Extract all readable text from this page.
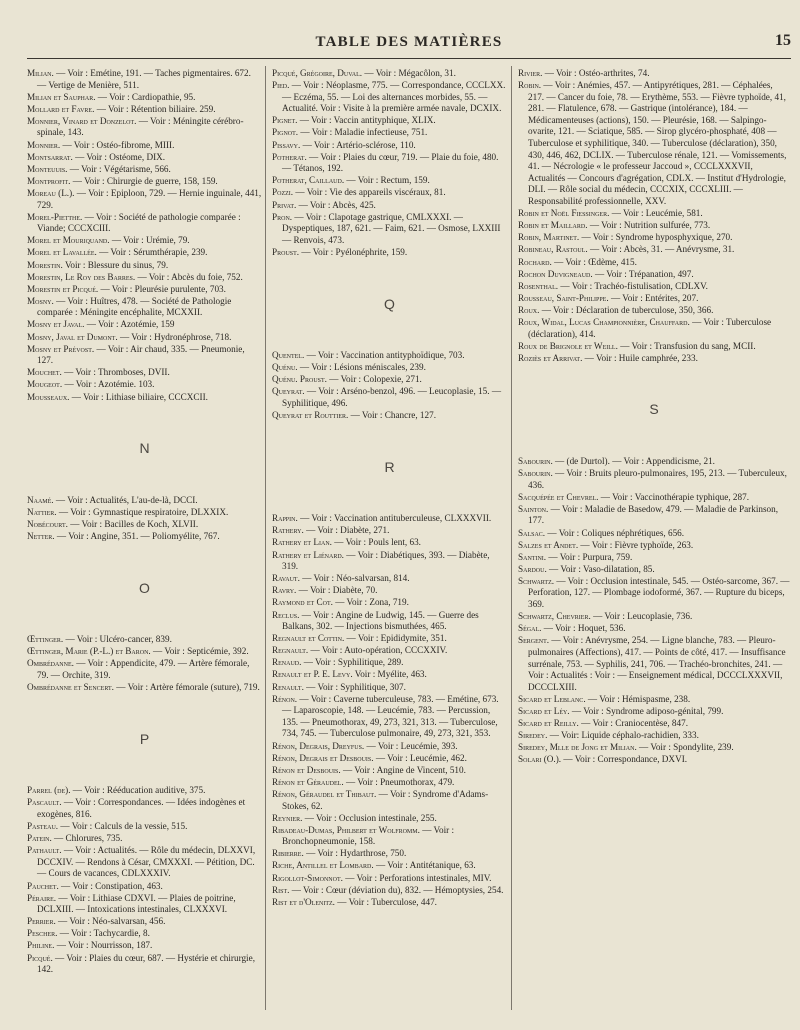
TABLE DES MATIÈRES	15
Milian. — Voir : Emétine, 191. — Taches pigmentaires. 672. — Vertige de Menière, 511.
Milian et Sauphar. — Voir : Cardiopathie, 95.
Mollard et Favre. — Voir : Rétention biliaire. 259.
Monnier, Vinard et Donzelot. — Voir : Méningite cérébro-spinale, 143.
Monnier. — Voir : Ostéo-fibrome, MIII.
Montsarrat. — Voir : Ostéome, DIX.
Monteuuis. — Voir : Végétarisme, 566.
Montprofit. — Voir : Chirurgie de guerre, 158, 159.
Moreau (L.). — Voir : Epiploon, 729. — Hernie inguinale, 441, 729.
Morel-Pietthe. — Voir : Société de pathologie comparée : Viande; CCCXCIII.
Morel et Mouriquand. — Voir : Urémie, 79.
Morel et Lavallée. — Voir : Sérumthérapie, 239.
Morestin. Voir : Blessure du sinus, 79.
Morestin, Le Roy des Barres. — Voir : Abcès du foie, 752.
Morestin et Picqué. — Voir : Pleurésie purulente, 703.
Mosny. — Voir : Huîtres, 478. — Société de Pathologie comparée : Méningite encéphalite, MCXXII.
Mosny et Javal. — Voir : Azotémie, 159
Mosny, Javal et Dumont. — Voir : Hydronéphrose, 718.
Mosny et Prévost. — Voir : Air chaud, 335. — Pneumonie, 127.
Mouchet. — Voir : Thromboses, DVII.
Mougeot. — Voir : Azotémie. 103.
Mousseaux. — Voir : Lithiase biliaire, CCCXCII.
N
Naamé. — Voir : Actualités, L'au-de-là, DCCI.
Nattier. — Voir : Gymnastique respiratoire, DLXXIX.
Nobécourt. — Voir : Bacilles de Koch, XLVII.
Netter. — Voir : Angine, 351. — Poliomyélite, 767.
O
Œttinger. — Voir : Ulcéro-cancer, 839.
Œttinger, Marie (P.-L.) et Baron. — Voir : Septicémie, 392.
Ombrédanne. — Voir : Appendicite, 479. — Artère fémorale, 79. — Orchite, 319.
Ombrédanne et Sencert. — Voir : Artère fémorale (suture), 719.
P
Parrel (de). — Voir : Rééducation auditive, 375.
Pascault. — Voir : Correspondances. — Idées indogènes et exogènes, 816.
Pasteau. — Voir : Calculs de la vessie, 515.
Patein. — Chlorures, 735.
Pathault. — Voir : Actualités. — Rôle du médecin, DLXXVI, DCCXIV. — Rendons à César, CMXXXI. — Pétition, DC. — Cours de vacances, CDLXXXIV.
Pauchet. — Voir : Constipation, 463.
Péraire. — Voir : Lithiase CDXVI. — Plaies de poitrine, DCLXIII. — Intoxications intestinales, CLXXXVI.
Perrier. — Voir : Néo-salvarsan, 456.
Pescher. — Voir : Tachycardie, 8.
Philine. — Voir : Nourrisson, 187.
Picqué. — Voir : Plaies du cœur, 687. — Hystérie et chirurgie, 142.
Picqué, Grégoire, Duval. — Voir : Mégacôlon, 31.
Pied. — Voir : Néoplasme, 775. — Correspondance, CCCLXX. — Eczéma, 55. — Loi des alternances morbides, 55. — Actualité. Voir : Visite à la première armée navale, DCXIX.
Pignet. — Voir : Vaccin antityphique, XLIX.
Pignot. — Voir : Maladie infectieuse, 751.
Pissavy. — Voir : Artério-sclérose, 110.
Potherat. — Voir : Plaies du cœur, 719. — Plaie du foie, 480. — Tétanos, 192.
Potherat, Caillaud. — Voir : Rectum, 159.
Pozzi. — Voir : Vie des appareils viscéraux, 81.
Privat. — Voir : Abcès, 425.
Pron. — Voir : Clapotage gastrique, CMLXXXI. — Dyspeptiques, 187, 621. — Faim, 621. — Osmose, LXXIII — Renvois, 473.
Proust. — Voir : Pyélonéphrite, 159.
Q
Quentel. — Voir : Vaccination antityphoïdique, 703.
Quénu. — Voir : Lésions méniscales, 239.
Quénu. Proust. — Voir : Colopexie, 271.
Queyrat. — Voir : Arséno-benzol, 496. — Leucoplasie, 15. — Syphilitique, 496.
Queyrat et Routtier. — Voir : Chancre, 127.
R
Rappin. — Voir : Vaccination antituberculeuse, CLXXXVII.
Rathery. — Voir : Diabète, 271.
Rathery et Lian. — Voir : Pouls lent, 63.
Rathery et Liénard. — Voir : Diabétiques, 393. — Diabète, 319.
Ravaut. — Voir : Néo-salvarsan, 814.
Ravry. — Voir : Diabète, 70.
Raymond et Cot. — Voir : Zona, 719.
Reclus. — Voir : Angine de Ludwig, 145. — Guerre des Balkans, 302. — Injections bismuthées, 465.
Regnault et Cottin. — Voir : Epididymite, 351.
Regnault. — Voir : Auto-opération, CCCXXIV.
Renaud. — Voir : Syphilitique, 289.
Renault et P. E. Levy. Voir : Myélite, 463.
Renault. — Voir : Syphilitique, 307.
Rénon. — Voir : Caverne tuberculeuse, 783. — Emétine, 673. — Laparoscopie, 148. — Leucémie, 783. — Percussion, 135. — Pneumothorax, 49, 273, 321, 313. — Tuberculose, 734, 745. — Tuberculose pulmonaire, 49, 273, 321, 353.
Rénon, Degrais, Dreyfus. — Voir : Leucémie, 393.
Rénon, Degrais et Desbouis. — Voir : Leucémie, 462.
Rénon et Desbouis. — Voir : Angine de Vincent, 510.
Rénon et Géraudel. — Voir : Pneumothorax, 479.
Rénon, Géraudel et Thibaut. — Voir : Syndrome d'Adams-Stokes, 62.
Reynier. — Voir : Occlusion intestinale, 255.
Ribadeau-Dumas, Philbert et Wolfromm. — Voir : Bronchopneumonie, 158.
Ribierre. — Voir : Hydarthrose, 750.
Riche, Antillel et Lombard. — Voir : Antitétanique, 63.
Rigollot-Simonnot. — Voir : Perforations intestinales, MIV.
Rist. — Voir : Cœur (déviation du), 832. — Hémoptysies, 254.
Rist et d'Olenitz. — Voir : Tuberculose, 447.
Rivier. — Voir : Ostéo-arthrites, 74.
Robin. — Voir : Anémies, 457. — Antipyrétiques, 281. — Céphalées, 217. — Cancer du foie, 78. — Erythème, 553. — Fièvre typhoïde, 41, 281. — Flatulence, 678. — Gastrique (intolérance), 184. — Médicamenteuses (actions), 150. — Pleurésie, 168. — Salpingo-ovarite, 121. — Sciatique, 585. — Sirop glycéro-phosphaté, 408 — Tuberculose et syphilitique, 340. — Tuberculose (déclaration), 350, 430, 446, 462, DCLIX. — Tuberculose rénale, 121. — Vomissements, 41. — Nécrologie « le professeur Jaccoud », CCCLXXXVII, Actualités — Concours d'agrégation, CDLX. — Institut d'Hydrologie, DLI. — Rôle social du médecin, CCCXIX, CCCXLIII. — Responsabilité professionnelle, XXV.
Robin et Noël Fiessinger. — Voir : Leucémie, 581.
Robin et Maillard. — Voir : Nutrition sulfurée, 773.
Robin, Martinet. — Voir : Syndrome hyposphyxique, 270.
Robineau, Rastoul. — Voir : Abcès, 31. — Anévrysme, 31.
Rochard. — Voir : Œdème, 415.
Rochon Duvigneaud. — Voir : Trépanation, 497.
Rosenthal. — Voir : Trachéo-fistulisation, CDLXV.
Rousseau, Saint-Philippe. — Voir : Entérites, 207.
Roux. — Voir : Déclaration de tuberculose, 350, 366.
Roux, Widal, Lucas Championnière, Chauffard. — Voir : Tuberculose (déclaration), 414.
Roux de Brignole et Weill. — Voir : Transfusion du sang, MCII.
Roziès et Arrivat. — Voir : Huile camphrée, 233.
S
Sabourin. — (de Durtol). — Voir : Appendicisme, 21.
Sabourin. — Voir : Bruits pleuro-pulmonaires, 195, 213. — Tuberculeux, 436.
Sacquépée et Chevrel. — Voir : Vaccinothérapie typhique, 287.
Sainton. — Voir : Maladie de Basedow, 479. — Maladie de Parkinson, 177.
Salsac. — Voir : Coliques néphrétiques, 656.
Salzes et Andet. — Voir : Fièvre typhoïde, 263.
Santini. — Voir : Purpura, 759.
Sardou. — Voir : Vaso-dilatation, 85.
Schwartz. — Voir : Occlusion intestinale, 545. — Ostéo-sarcome, 367. — Perforation, 127. — Plombage iodoformé, 367. — Rupture du biceps, 369.
Schwartz, Chevrier. — Voir : Leucoplasie, 736.
Ségal. — Voir : Hoquet, 536.
Sergent. — Voir : Anévrysme, 254. — Ligne blanche, 783. — Pleuro-pulmonaires (Affections), 417. — Points de côté, 417. — Insuffisance surrénale, 753. — Syphilis, 241, 706. — Trachéo-bronchites, 241. — Voir : Actualités : Voir : — Enseignement médical, DCCCLXXXVII, DCCCLXIII.
Sicard et Leblanc. — Voir : Hémispasme, 238.
Sicard et Léy. — Voir : Syndrome adiposo-génital, 799.
Sicard et Reilly. — Voir : Craniocentèse, 847.
Siredey. — Voir: Liquide céphalo-rachidien, 333.
Siredey, Mlle de Jong et Milian. — Voir : Spondylite, 239.
Solari (O.). — Voir : Correspondance, DXVI.
